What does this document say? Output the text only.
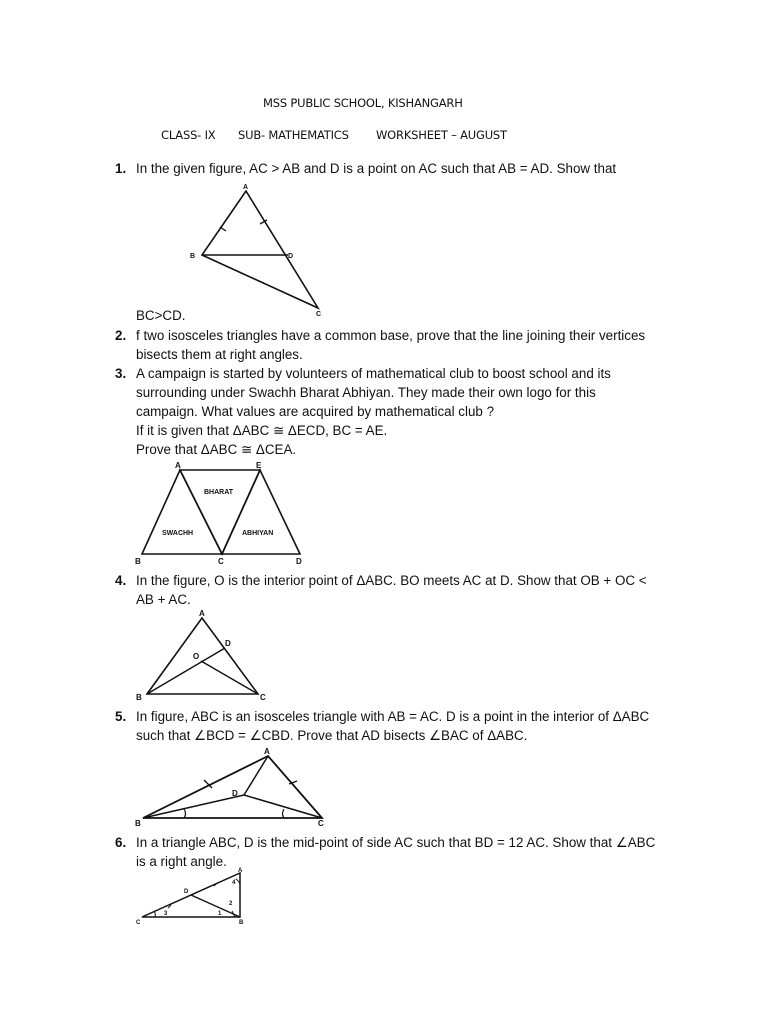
MSS PUBLIC SCHOOL, KISHANGARH
CLASS- IX SUB- MATHEMATICS WORKSHEET – AUGUST
1. In the given figure, AC > AB and D is a point on AC such that AB = AD. Show that
A
B	D
C
BC>CD.
2. f two isosceles triangles have a common base, prove that the line joining their vertices
bisects them at right angles.
3. A campaign is started by volunteers of mathematical club to boost school and its
surrounding under Swachh Bharat Abhiyan. They made their own logo for this
campaign. What values are acquired by mathematical club ?
If it is given that ΔABC ≅ ΔECD, BC = AE.
Prove that ΔABC ≅ ΔCEA.
A	E
B	C	D
BHARAT
SWACHH	ABHIYAN
4. In the figure, O is the interior point of ΔABC. BO meets AC at D. Show that OB + OC <
AB + AC.
A
D
O
B	C
5. In figure, ABC is an isosceles triangle with AB = AC. D is a point in the interior of ΔABC
such that ∠BCD = ∠CBD. Prove that AD bisects ∠BAC of ΔABC.
A
D
B	C
6. In a triangle ABC, D is the mid-point of side AC such that BD = 12 AC. Show that ∠ABC
is a right angle.
A
D
C	B
1
2
3
4
